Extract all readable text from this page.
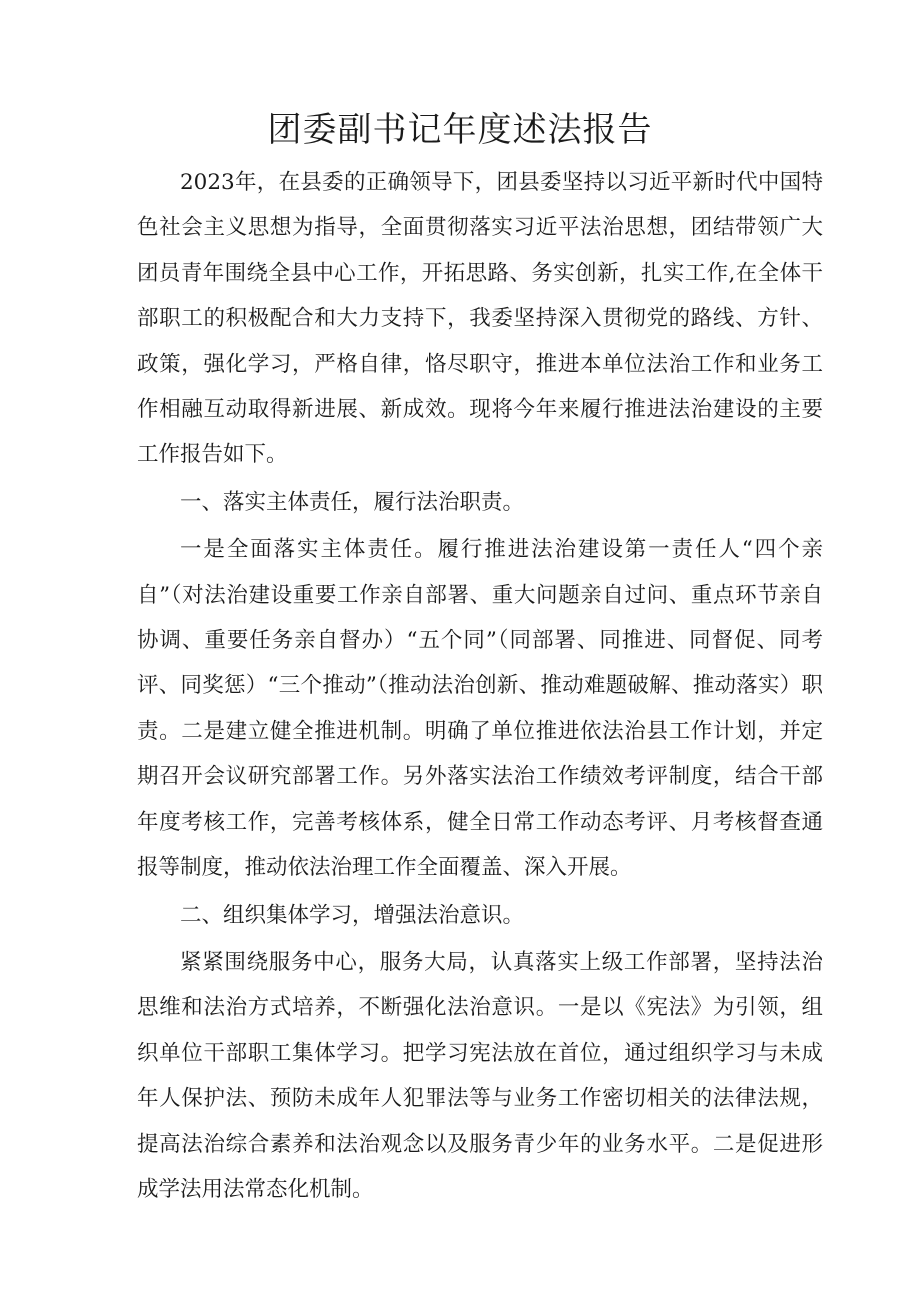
团委副书记年度述法报告

2023年，在县委的正确领导下，团县委坚持以习近平新时代中国特色社会主义思想为指导，全面贯彻落实习近平法治思想，团结带领广大团员青年围绕全县中心工作，开拓思路、务实创新，扎实工作,在全体干部职工的积极配合和大力支持下，我委坚持深入贯彻党的路线、方针、政策，强化学习，严格自律，恪尽职守，推进本单位法治工作和业务工作相融互动取得新进展、新成效。现将今年来履行推进法治建设的主要工作报告如下。

一、落实主体责任，履行法治职责。

一是全面落实主体责任。履行推进法治建设第一责任人“四个亲自”（对法治建设重要工作亲自部署、重大问题亲自过问、重点环节亲自协调、重要任务亲自督办）“五个同”（同部署、同推进、同督促、同考评、同奖惩）“三个推动”（推动法治创新、推动难题破解、推动落实）职责。二是建立健全推进机制。明确了单位推进依法治县工作计划，并定期召开会议研究部署工作。另外落实法治工作绩效考评制度，结合干部年度考核工作，完善考核体系，健全日常工作动态考评、月考核督查通报等制度，推动依法治理工作全面覆盖、深入开展。

二、组织集体学习，增强法治意识。

紧紧围绕服务中心，服务大局，认真落实上级工作部署，坚持法治思维和法治方式培养，不断强化法治意识。一是以《宪法》为引领，组织单位干部职工集体学习。把学习宪法放在首位，通过组织学习与未成年人保护法、预防未成年人犯罪法等与业务工作密切相关的法律法规，提高法治综合素养和法治观念以及服务青少年的业务水平。二是促进形成学法用法常态化机制。
